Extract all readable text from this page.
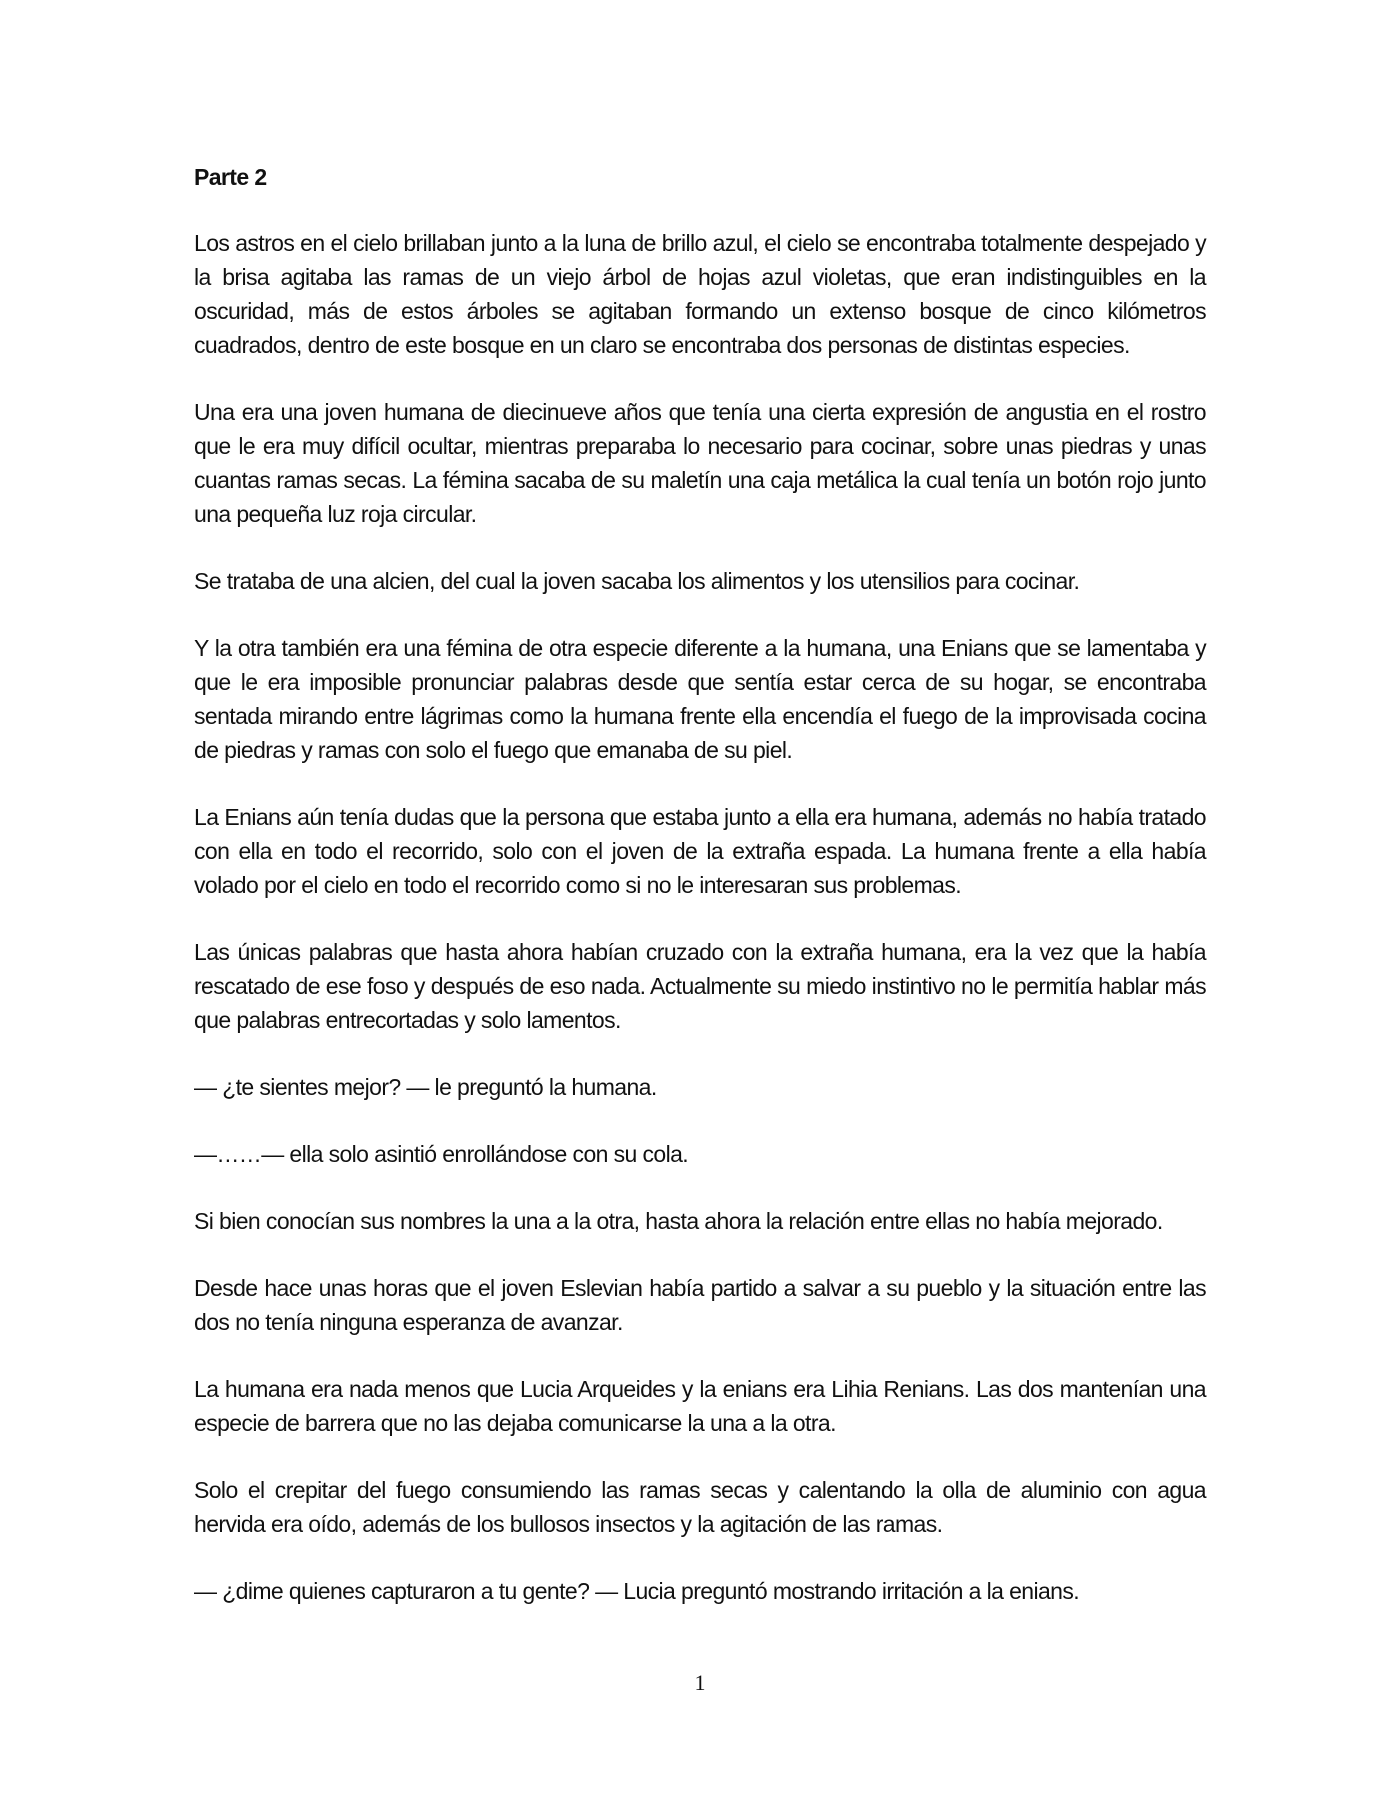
Parte 2

Los astros en el cielo brillaban junto a la luna de brillo azul, el cielo se encontraba totalmente despejado y la brisa agitaba las ramas de un viejo árbol de hojas azul violetas, que eran indistinguibles en la oscuridad, más de estos árboles se agitaban formando un extenso bosque de cinco kilómetros cuadrados, dentro de este bosque en un claro se encontraba dos personas de distintas especies.

Una era una joven humana de diecinueve años que tenía una cierta expresión de angustia en el rostro que le era muy difícil ocultar, mientras preparaba lo necesario para cocinar, sobre unas piedras y unas cuantas ramas secas. La fémina sacaba de su maletín una caja metálica la cual tenía un botón rojo junto una pequeña luz roja circular.

Se trataba de una alcien, del cual la joven sacaba los alimentos y los utensilios para cocinar.

Y la otra también era una fémina de otra especie diferente a la humana, una Enians que se lamentaba y que le era imposible pronunciar palabras desde que sentía estar cerca de su hogar, se encontraba sentada mirando entre lágrimas como la humana frente ella encendía el fuego de la improvisada cocina de piedras y ramas con solo el fuego que emanaba de su piel.

La Enians aún tenía dudas que la persona que estaba junto a ella era humana, además no había tratado con ella en todo el recorrido, solo con el joven de la extraña espada. La humana frente a ella había volado por el cielo en todo el recorrido como si no le interesaran sus problemas.

Las únicas palabras que hasta ahora habían cruzado con la extraña humana, era la vez que la había rescatado de ese foso y después de eso nada. Actualmente su miedo instintivo no le permitía hablar más que palabras entrecortadas y solo lamentos.

— ¿te sientes mejor? — le preguntó la humana.

—……— ella solo asintió enrollándose con su cola.

Si bien conocían sus nombres la una a la otra, hasta ahora la relación entre ellas no había mejorado.

Desde hace unas horas que el joven Eslevian había partido a salvar a su pueblo y la situación entre las dos no tenía ninguna esperanza de avanzar.

La humana era nada menos que Lucia Arqueides y la enians era Lihia Renians. Las dos mantenían una especie de barrera que no las dejaba comunicarse la una a la otra.

Solo el crepitar del fuego consumiendo las ramas secas y calentando la olla de aluminio con agua hervida era oído, además de los bullosos insectos y la agitación de las ramas.

— ¿dime quienes capturaron a tu gente? — Lucia preguntó mostrando irritación a la enians.

1
